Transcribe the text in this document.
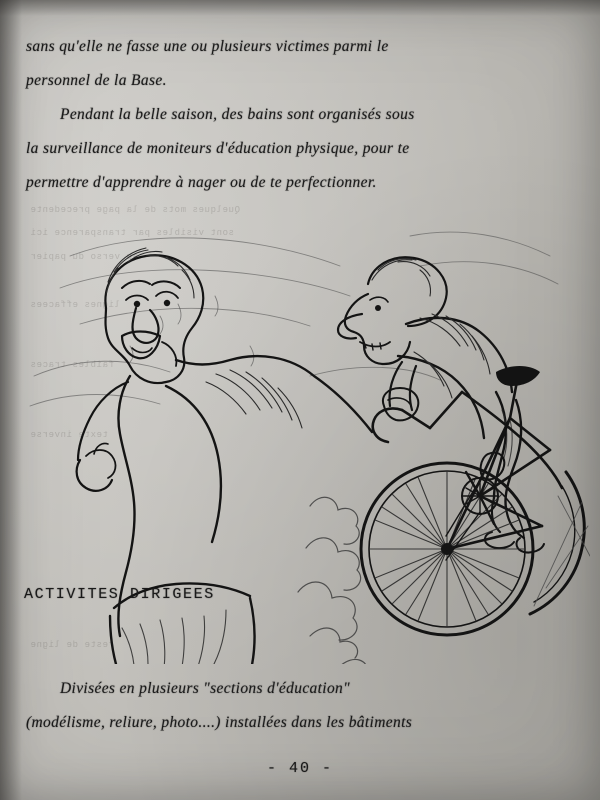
Quelques mots de la page precedente
sont visibles par transparence ici
au verso du papier
lignes effacees
faibles traces
texte inverse
reste de ligne
sans qu'elle ne fasse une ou plusieurs victimes parmi le
personnel de la Base.
Pendant la belle saison, des bains sont organisés sous
la surveillance de moniteurs d'éducation physique, pour te
permettre d'apprendre à nager ou de te perfectionner.
ACTIVITES DIRIGEES
Divisées en plusieurs "sections d'éducation"
(modélisme, reliure, photo....) installées dans les bâtiments
- 40 -
